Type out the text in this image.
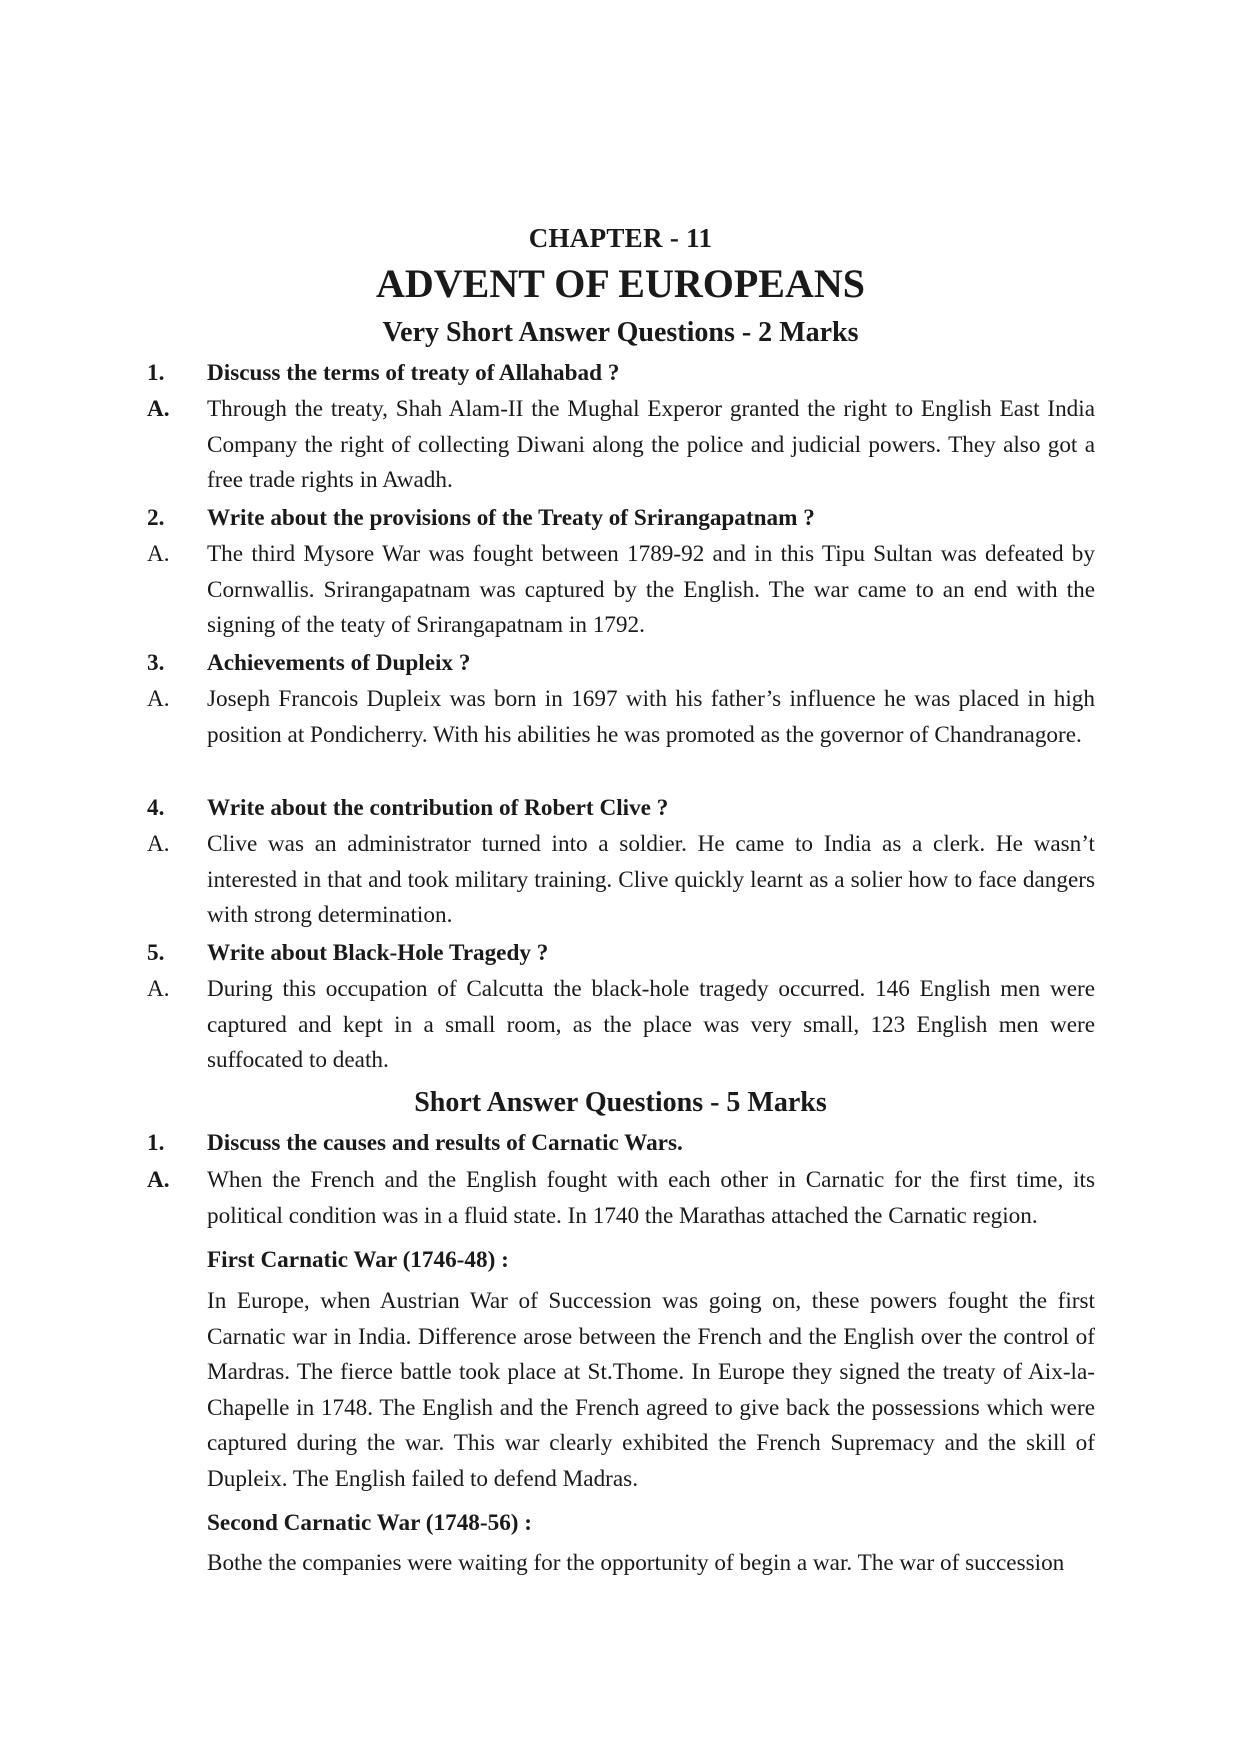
CHAPTER - 11
ADVENT OF EUROPEANS
Very Short Answer Questions - 2 Marks
1.	Discuss the terms of treaty of Allahabad ?
A.	Through the treaty, Shah Alam-II the Mughal Experor granted the right to English East India Company the right of collecting Diwani along the police and judicial powers. They also got a free trade rights in Awadh.
2.	Write about the provisions of the Treaty of Srirangapatnam ?
A.	The third Mysore War was fought between 1789-92 and in this Tipu Sultan was defeated by Cornwallis. Srirangapatnam was captured by the English. The war came to an end with the signing of the teaty of Srirangapatnam in 1792.
3.	Achievements of Dupleix ?
A.	Joseph Francois Dupleix was born in 1697 with his father’s influence he was placed in high position at Pondicherry. With his abilities he was promoted as the governor of Chandranagore.
4.	Write about the contribution of Robert Clive ?
A.	Clive was an administrator turned into a soldier. He came to India as a clerk. He wasn’t interested in that and took military training. Clive quickly learnt as a solier how to face dangers with strong determination.
5.	Write about Black-Hole Tragedy ?
A.	During this occupation of Calcutta the black-hole tragedy occurred. 146 English men were captured and kept in a small room, as the place was very small, 123 English men were suffocated to death.
Short Answer Questions - 5 Marks
1.	Discuss the causes and results of Carnatic Wars.
A.	When the French and the English fought with each other in Carnatic for the first time, its political condition was in a fluid state. In 1740 the Marathas attached the Carnatic region.
First Carnatic War (1746-48) :
In Europe, when Austrian War of Succession was going on, these powers fought the first Carnatic war in India. Difference arose between the French and the English over the control of Mardras. The fierce battle took place at St.Thome. In Europe they signed the treaty of Aix-la-Chapelle in 1748. The English and the French agreed to give back the possessions which were captured during the war. This war clearly exhibited the French Supremacy and the skill of Dupleix. The English failed to defend Madras.
Second Carnatic War (1748-56) :
Bothe the companies were waiting for the opportunity of begin a war. The war of succession
